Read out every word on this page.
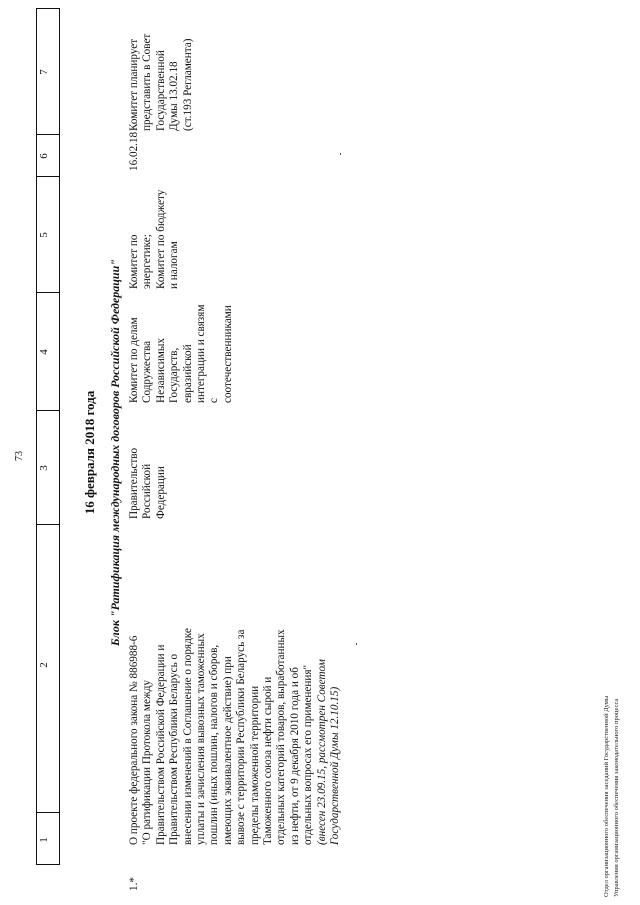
73
1
2
3
4
5
6
7
16 февраля 2018 года Блок "Ратификация международных договоров Российской Федерации"
1.*
О проекте федерального закона № 886988-6
"О ратификации Протокола между
Правительством Российской Федерации и
Правительством Республики Беларусь о
внесении изменений в Соглашение о порядке
уплаты и зачисления вывозных таможенных
пошлин (иных пошлин, налогов и сборов,
имеющих эквивалентное действие) при
вывозе с территории Республики Беларусь за
пределы таможенной территории
Таможенного союза нефти сырой и
отдельных категорий товаров, выработанных
из нефти, от 9 декабря 2010 года и об
отдельных вопросах его применения"
(внесен 23.09.15, рассмотрен Советом
Государственной Думы 12.10.15)
Правительство
Российской
Федерации
Комитет по делам
Содружества
Независимых
Государств,
евразийской
интеграции и связям с
соотечественниками
Комитет по
энергетике;
Комитет по бюджету
и налогам
16.02.18
Комитет планирует
представить в Совет
Государственной
Думы 13.02.18
(ст.193 Регламента)
Отдел организационного обеспечения заседаний Государственной Думы Управления организационного обеспечения законодательного процесса
